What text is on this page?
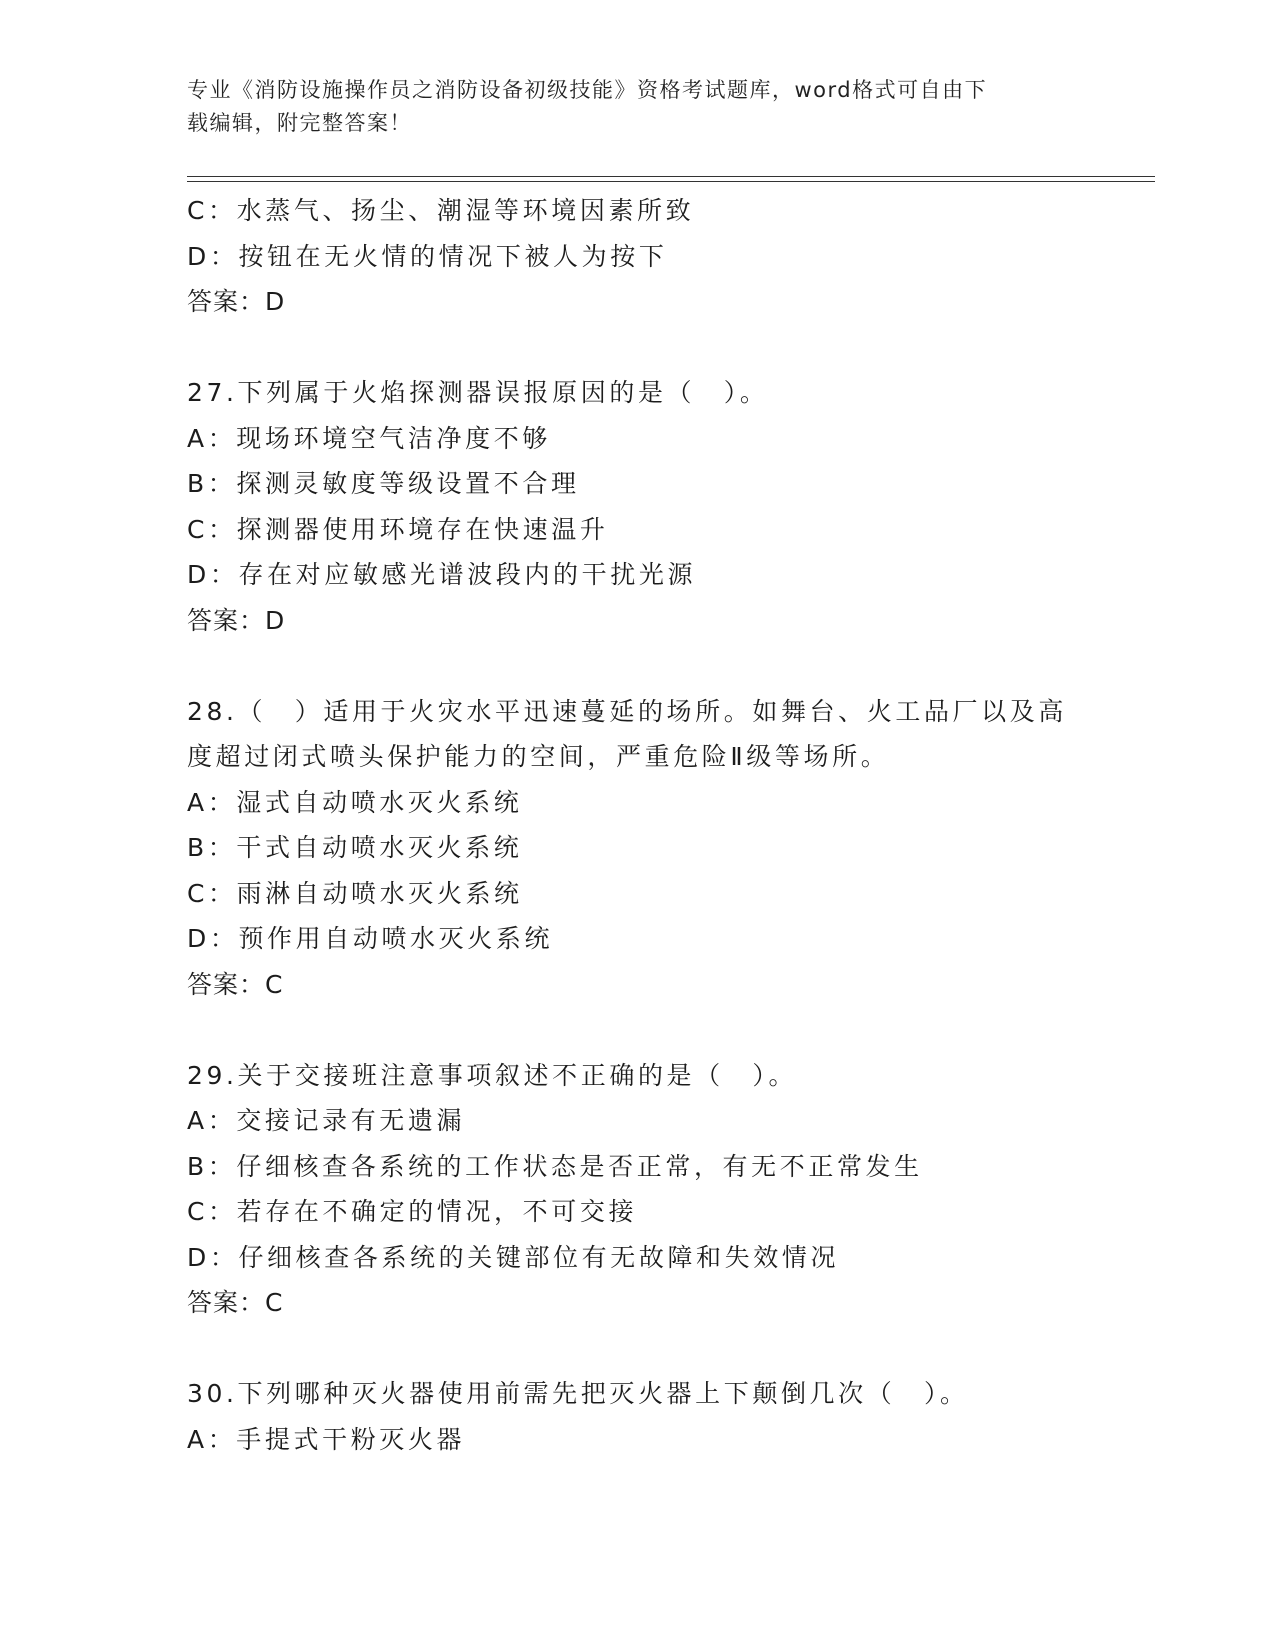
专业《消防设施操作员之消防设备初级技能》资格考试题库，word格式可自由下
载编辑，附完整答案！
C：水蒸气、扬尘、潮湿等环境因素所致
D：按钮在无火情的情况下被人为按下
答案：D
27.下列属于火焰探测器误报原因的是（　）。
A：现场环境空气洁净度不够
B：探测灵敏度等级设置不合理
C：探测器使用环境存在快速温升
D：存在对应敏感光谱波段内的干扰光源
答案：D
28.（　）适用于火灾水平迅速蔓延的场所。如舞台、火工品厂以及高
度超过闭式喷头保护能力的空间，严重危险Ⅱ级等场所。
A：湿式自动喷水灭火系统
B：干式自动喷水灭火系统
C：雨淋自动喷水灭火系统
D：预作用自动喷水灭火系统
答案：C
29.关于交接班注意事项叙述不正确的是（　）。
A：交接记录有无遗漏
B：仔细核查各系统的工作状态是否正常，有无不正常发生
C：若存在不确定的情况，不可交接
D：仔细核查各系统的关键部位有无故障和失效情况
答案：C
30.下列哪种灭火器使用前需先把灭火器上下颠倒几次（　）。
A：手提式干粉灭火器
